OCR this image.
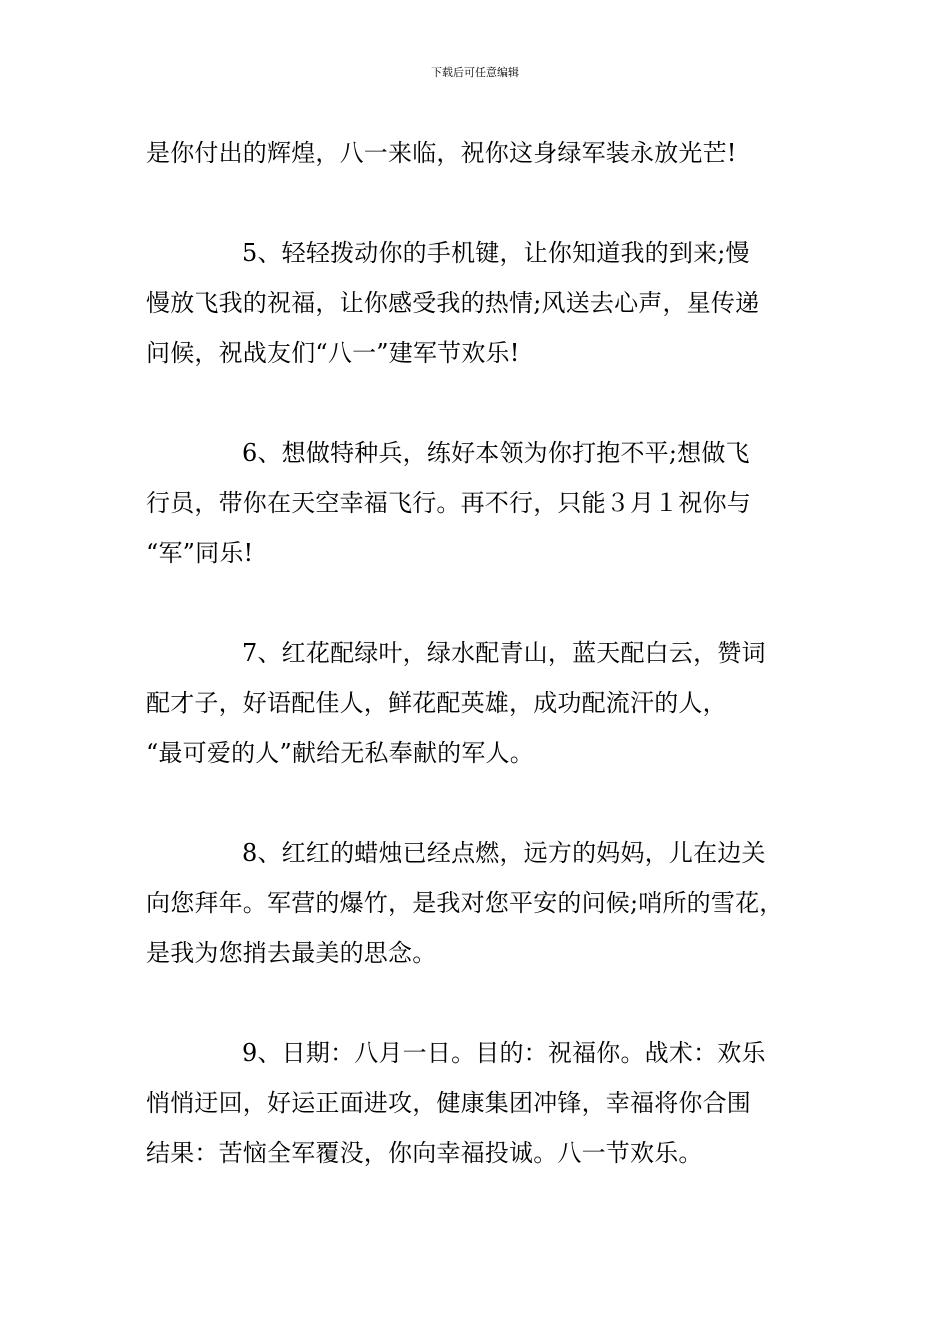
下载后可任意编辑
是你付出的辉煌，八一来临，祝你这身绿军装永放光芒!
5、轻轻拨动你的手机键，让你知道我的到来;慢
慢放飞我的祝福，让你感受我的热情;风送去心声，星传递
问候，祝战友们“八一”建军节欢乐!
6、想做特种兵，练好本领为你打抱不平;想做飞
行员，带你在天空幸福飞行。再不行，只能３月１祝你与
“军”同乐!
7、红花配绿叶，绿水配青山，蓝天配白云，赞词
配才子，好语配佳人，鲜花配英雄，成功配流汗的人，
“最可爱的人”献给无私奉献的军人。
8、红红的蜡烛已经点燃，远方的妈妈，儿在边关
向您拜年。军营的爆竹，是我对您平安的问候;哨所的雪花，
是我为您捎去最美的思念。
9、日期：八月一日。目的：祝福你。战术：欢乐
悄悄迂回，好运正面进攻，健康集团冲锋，幸福将你合围
结果：苦恼全军覆没，你向幸福投诚。八一节欢乐。
